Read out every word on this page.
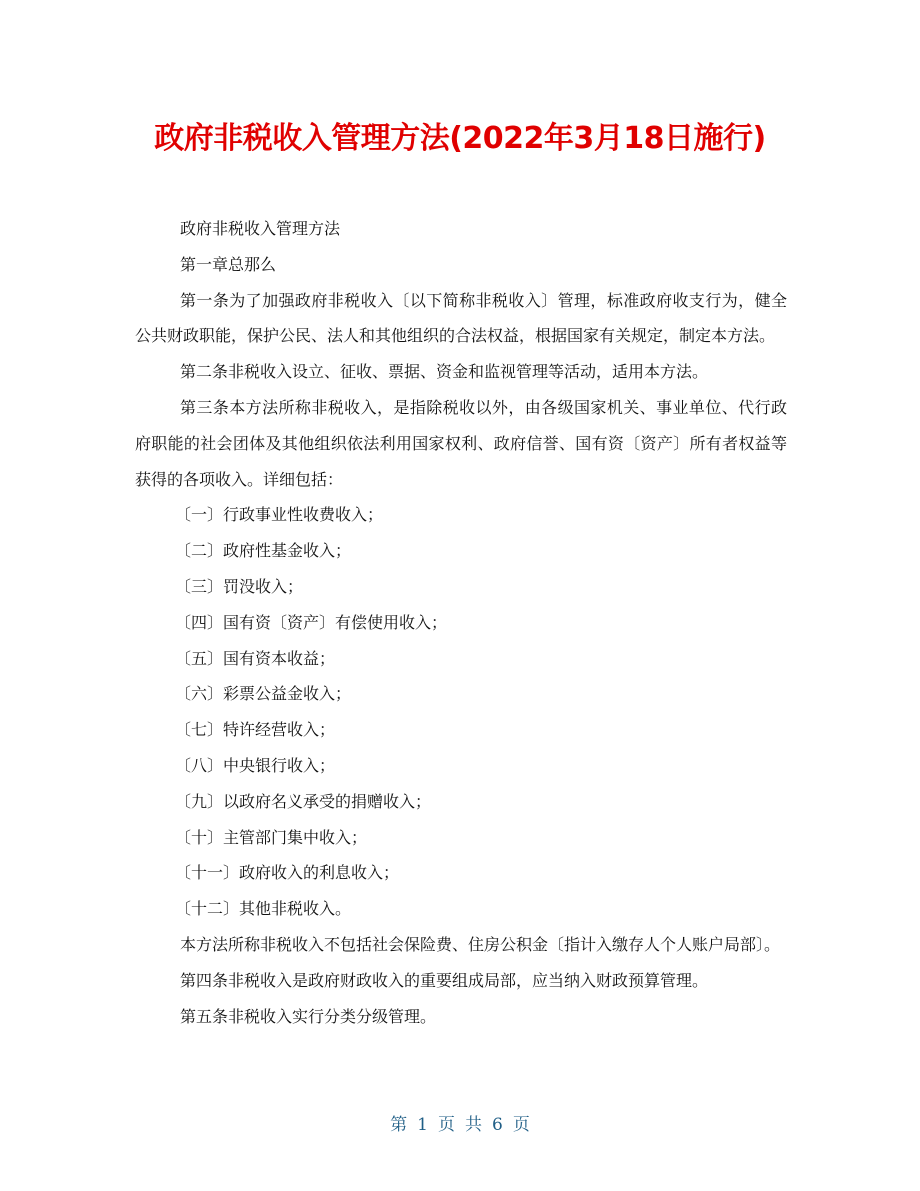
政府非税收入管理方法(2022年3月18日施行)

政府非税收入管理方法

第一章总那么

第一条为了加强政府非税收入〔以下简称非税收入〕管理，标准政府收支行为，健全公共财政职能，保护公民、法人和其他组织的合法权益，根据国家有关规定，制定本方法。

第二条非税收入设立、征收、票据、资金和监视管理等活动，适用本方法。

第三条本方法所称非税收入，是指除税收以外，由各级国家机关、事业单位、代行政府职能的社会团体及其他组织依法利用国家权利、政府信誉、国有资〔资产〕所有者权益等获得的各项收入。详细包括：

〔一〕行政事业性收费收入；

〔二〕政府性基金收入；

〔三〕罚没收入；

〔四〕国有资〔资产〕有偿使用收入；

〔五〕国有资本收益；

〔六〕彩票公益金收入；

〔七〕特许经营收入；

〔八〕中央银行收入；

〔九〕以政府名义承受的捐赠收入；

〔十〕主管部门集中收入；

〔十一〕政府收入的利息收入；

〔十二〕其他非税收入。

本方法所称非税收入不包括社会保险费、住房公积金〔指计入缴存人个人账户局部〕。

第四条非税收入是政府财政收入的重要组成局部，应当纳入财政预算管理。

第五条非税收入实行分类分级管理。

第 1 页 共 6 页
